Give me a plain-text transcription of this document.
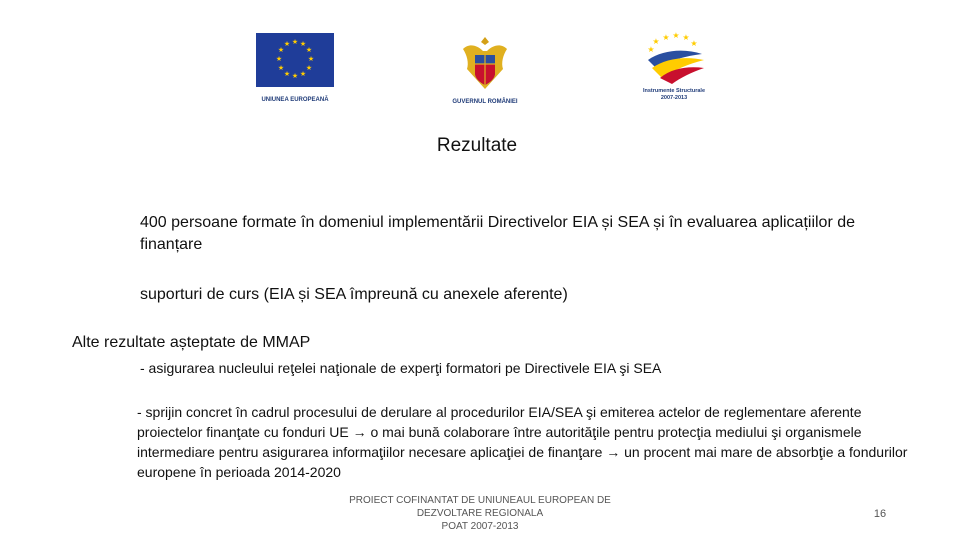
★ ★
★
★
★
★
★
★
★
★
★
★
UNIUNEA EUROPEANĂ	GUVERNUL ROMÂNIEI
★ ★ ★ ★
★
★
Instrumente Structurale
2007-2013
Rezultate
400 persoane formate în domeniul implementării Directivelor EIA și SEA și în evaluarea aplicațiilor de finanțare
suporturi de curs (EIA și SEA împreună cu anexele aferente)
Alte rezultate așteptate de MMAP
- asigurarea nucleului reţelei naţionale de experţi formatori pe Directivele EIA şi SEA
- sprijin concret în cadrul procesului de derulare al procedurilor EIA/SEA şi emiterea actelor de reglementare aferente proiectelor finanţate cu fonduri UE → o mai bună colaborare între autorităţile pentru protecţia mediului şi organismele intermediare pentru asigurarea informaţiilor necesare aplicaţiei de finanţare → un procent mai mare de absorbţie a fondurilor europene în perioada 2014-2020
PROIECT COFINANTAT DE UNIUNEAUL EUROPEAN DE
DEZVOLTARE REGIONALA
POAT 2007-2013
16
